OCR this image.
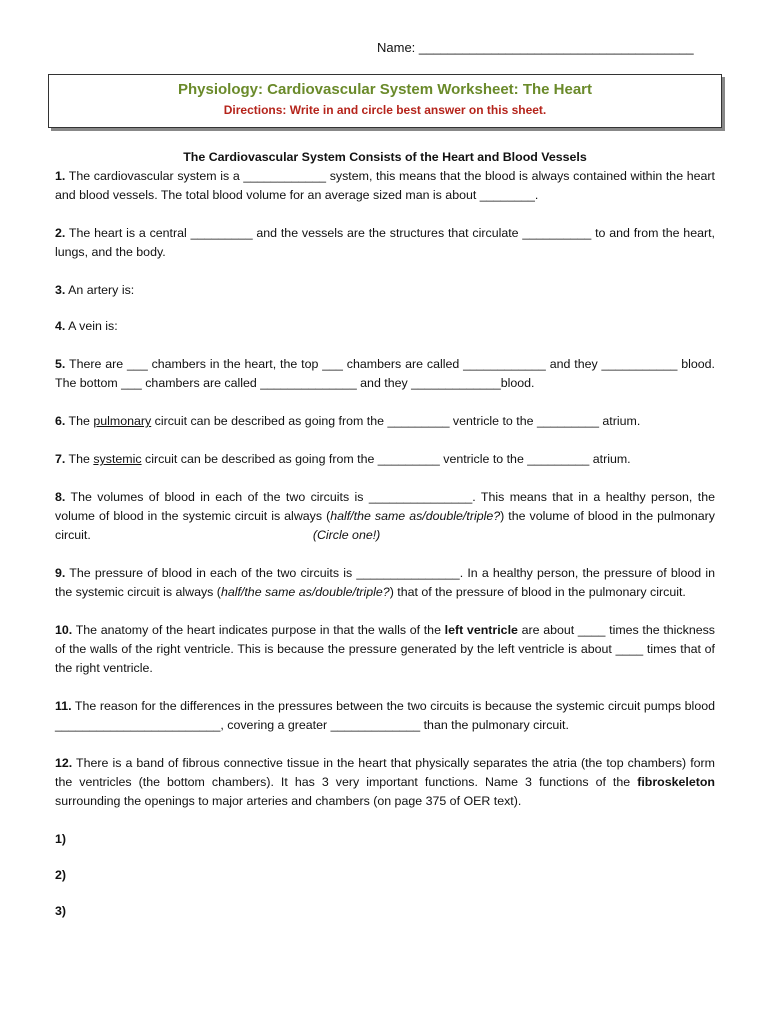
Name: ______________________________________
Physiology: Cardiovascular System Worksheet: The Heart
Directions: Write in and circle best answer on this sheet.

The Cardiovascular System Consists of the Heart and Blood Vessels

1. The cardiovascular system is a ____________ system, this means that the blood is always contained within the heart and blood vessels. The total blood volume for an average sized man is about ________.

2. The heart is a central _________ and the vessels are the structures that circulate __________ to and from the heart, lungs, and the body.

3. An artery is:

4. A vein is:

5. There are ___ chambers in the heart, the top ___ chambers are called ____________ and they ___________ blood. The bottom ___ chambers are called ______________ and they _____________blood.

6. The pulmonary circuit can be described as going from the _________ ventricle to the _________ atrium.

7. The systemic circuit can be described as going from the _________ ventricle to the _________ atrium.

8. The volumes of blood in each of the two circuits is _______________. This means that in a healthy person, the volume of blood in the systemic circuit is always (half/the same as/double/triple?) the volume of blood in the pulmonary circuit.	(Circle one!)

9. The pressure of blood in each of the two circuits is _______________. In a healthy person, the pressure of blood in the systemic circuit is always (half/the same as/double/triple?) that of the pressure of blood in the pulmonary circuit.

10. The anatomy of the heart indicates purpose in that the walls of the left ventricle are about ____ times the thickness of the walls of the right ventricle. This is because the pressure generated by the left ventricle is about ____ times that of the right ventricle.

11. The reason for the differences in the pressures between the two circuits is because the systemic circuit pumps blood ________________________, covering a greater _____________ than the pulmonary circuit.

12. There is a band of fibrous connective tissue in the heart that physically separates the atria (the top chambers) form the ventricles (the bottom chambers). It has 3 very important functions. Name 3 functions of the fibroskeleton surrounding the openings to major arteries and chambers (on page 375 of OER text).

1)

2)

3)
